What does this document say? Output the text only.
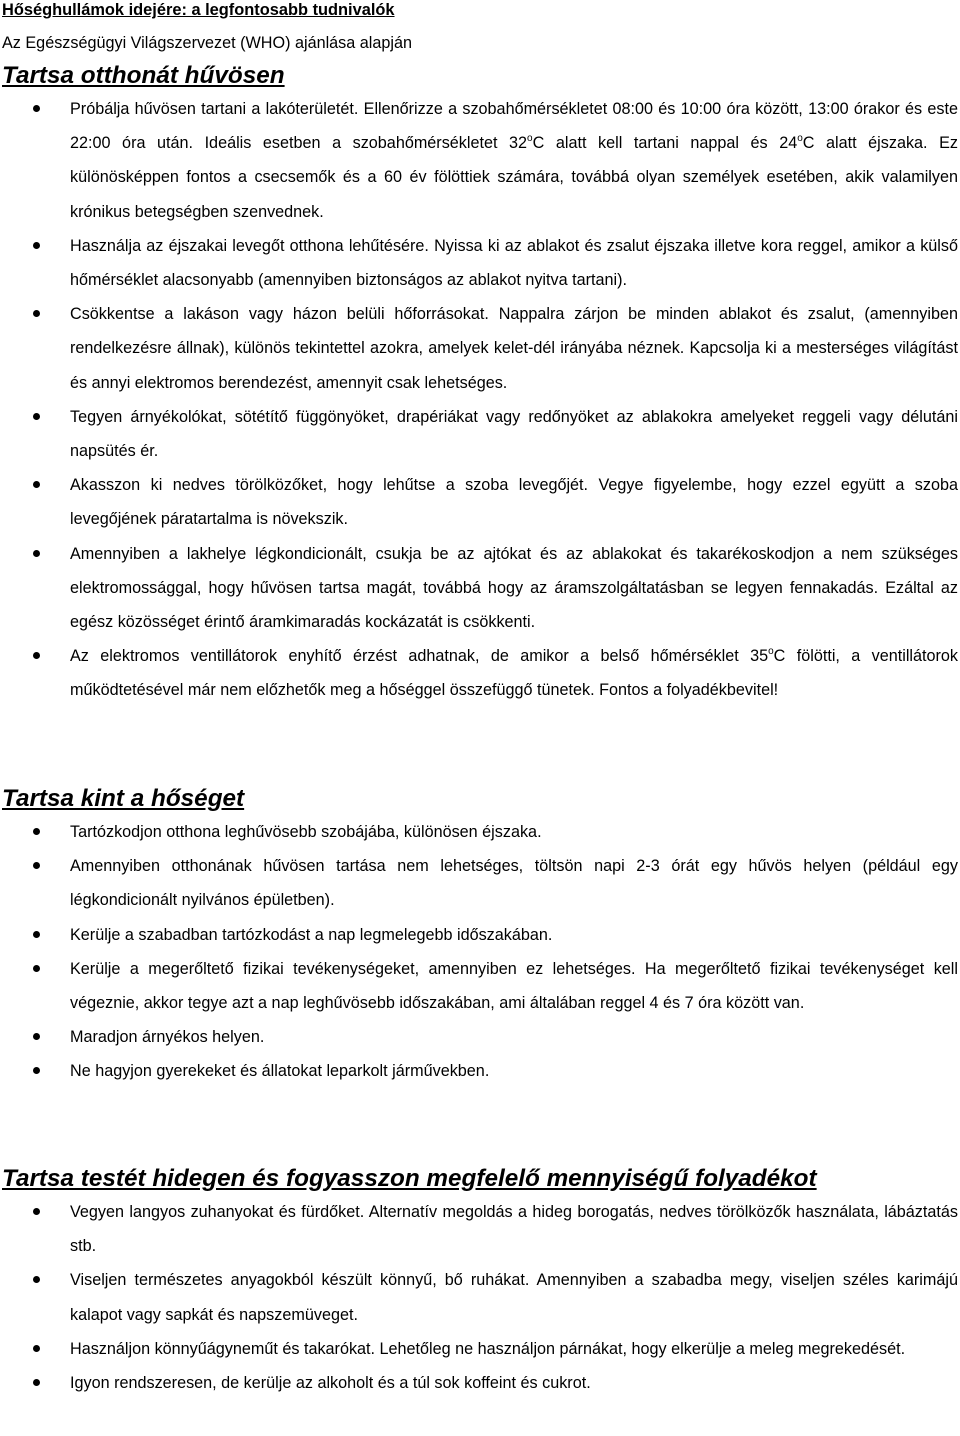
Hőséghullámok idejére: a legfontosabb tudnivalók

Az Egészségügyi Világszervezet (WHO) ajánlása alapján

Tartsa otthonát hűvösen
Próbálja hűvösen tartani a lakóterületét. Ellenőrizze a szobahőmérsékletet 08:00 és 10:00 óra között, 13:00 órakor és este 22:00 óra után. Ideális esetben a szobahőmérsékletet 32$^o$C alatt kell tartani nappal és 24$^o$C alatt éjszaka. Ez különösképpen fontos a csecsemők és a 60 év fölöttiek számára, továbbá olyan személyek esetében, akik valamilyen krónikus betegségben szenvednek.
Használja az éjszakai levegőt otthona lehűtésére. Nyissa ki az ablakot és zsalut éjszaka illetve kora reggel, amikor a külső hőmérséklet alacsonyabb (amennyiben biztonságos az ablakot nyitva tartani).
Csökkentse a lakáson vagy házon belüli hőforrásokat. Nappalra zárjon be minden ablakot és zsalut, (amennyiben rendelkezésre állnak), különös tekintettel azokra, amelyek kelet-dél irányába néznek. Kapcsolja ki a mesterséges világítást és annyi elektromos berendezést, amennyit csak lehetséges.
Tegyen árnyékolókat, sötétítő függönyöket, drapériákat vagy redőnyöket az ablakokra amelyeket reggeli vagy délutáni napsütés ér.
Akasszon ki nedves törölközőket, hogy lehűtse a szoba levegőjét. Vegye figyelembe, hogy ezzel együtt a szoba levegőjének páratartalma is növekszik.
Amennyiben a lakhelye légkondicionált, csukja be az ajtókat és az ablakokat és takarékoskodjon a nem szükséges elektromossággal, hogy hűvösen tartsa magát, továbbá hogy az áramszolgáltatásban se legyen fennakadás. Ezáltal az egész közösséget érintő áramkimaradás kockázatát is csökkenti.
Az elektromos ventillátorok enyhítő érzést adhatnak, de amikor a belső hőmérséklet 35$^o$C fölötti, a ventillátorok működtetésével már nem előzhetők meg a hőséggel összefüggő tünetek. Fontos a folyadékbevitel!
Tartsa kint a hőséget
Tartózkodjon otthona leghűvösebb szobájába, különösen éjszaka.
Amennyiben otthonának hűvösen tartása nem lehetséges, töltsön napi 2-3 órát egy hűvös helyen (például egy légkondicionált nyilvános épületben).
Kerülje a szabadban tartózkodást a nap legmelegebb időszakában.
Kerülje a megerőltető fizikai tevékenységeket, amennyiben ez lehetséges. Ha megerőltető fizikai tevékenységet kell végeznie, akkor tegye azt a nap leghűvösebb időszakában, ami általában reggel 4 és 7 óra között van.
Maradjon árnyékos helyen.
Ne hagyjon gyerekeket és állatokat leparkolt járművekben.
Tartsa testét hidegen és fogyasszon megfelelő mennyiségű folyadékot
Vegyen langyos zuhanyokat és fürdőket. Alternatív megoldás a hideg borogatás, nedves törölközők használata, lábáztatás stb.
Viseljen természetes anyagokból készült könnyű, bő ruhákat. Amennyiben a szabadba megy, viseljen széles karimájú kalapot vagy sapkát és napszemüveget.
Használjon könnyűágyneműt és takarókat. Lehetőleg ne használjon párnákat, hogy elkerülje a meleg megrekedését.
Igyon rendszeresen, de kerülje az alkoholt és a túl sok koffeint és cukrot.
